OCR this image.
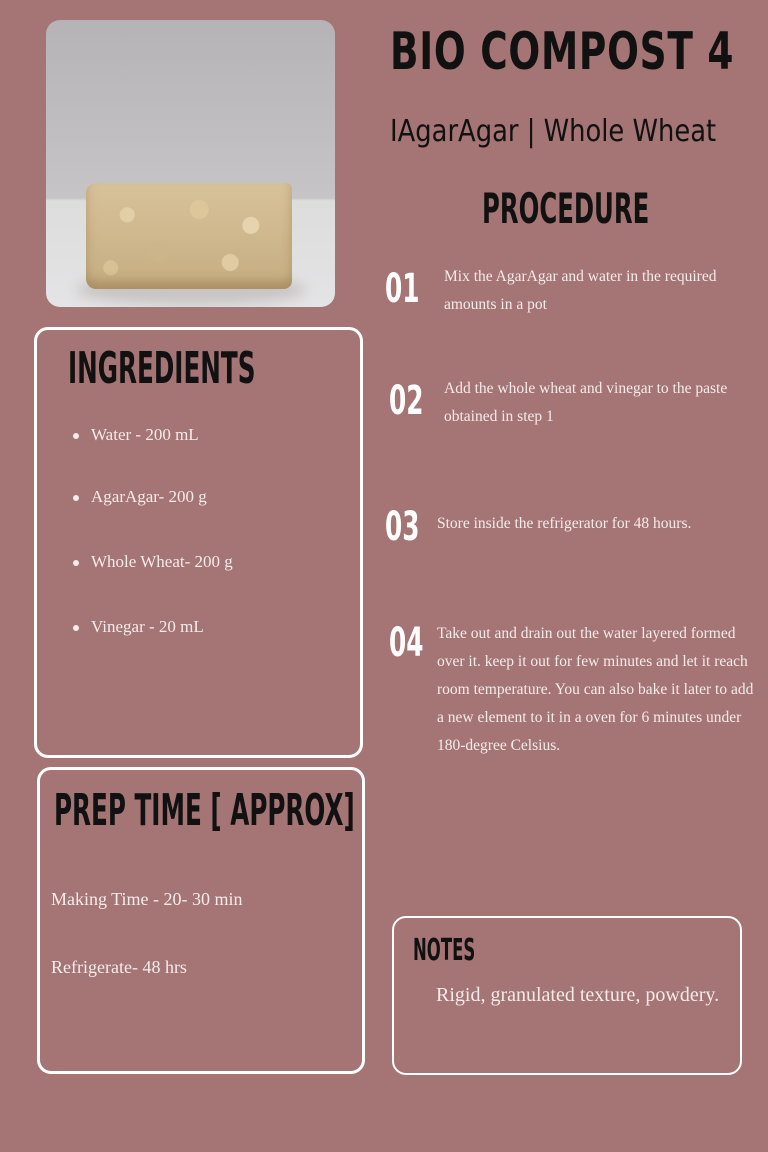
BIO COMPOST 4
IAgarAgar | Whole Wheat
PROCEDURE
01 Mix the AgarAgar and water in the required amounts in a pot
02 Add the whole wheat and vinegar to the paste obtained in step 1
03 Store inside the refrigerator for 48 hours.
04 Take out and drain out the water layered formed over it. keep it out for few minutes and let it reach room temperature. You can also bake it later to add a new element to it in a oven for 6 minutes under 180-degree Celsius.
INGREDIENTS
Water - 200 mL
AgarAgar- 200 g
Whole Wheat- 200 g
Vinegar - 20 mL
PREP TIME [ APPROX]
Making Time - 20- 30 min
Refrigerate- 48 hrs	NOTES
Rigid, granulated texture, powdery.
